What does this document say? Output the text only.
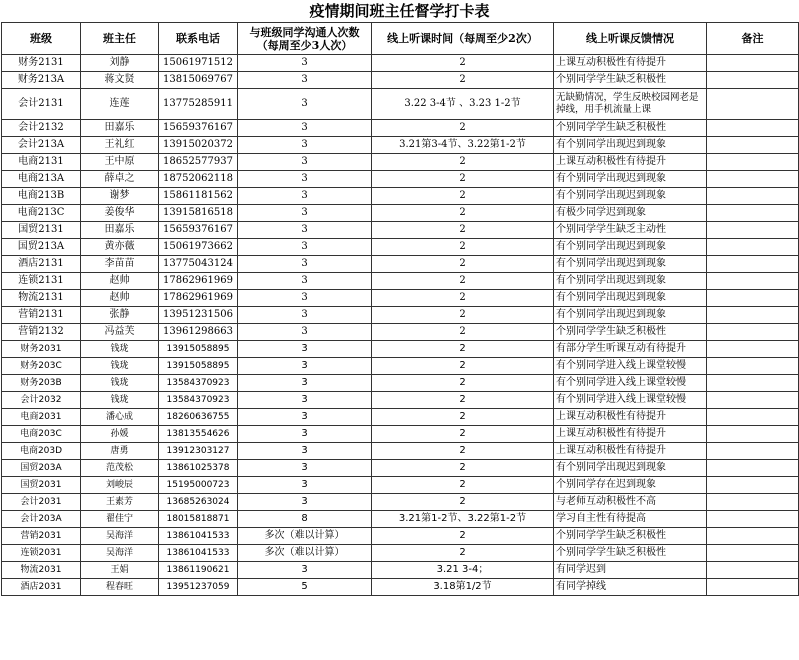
疫情期间班主任督学打卡表
班级	班主任	联系电话	与班级同学沟通人次数（每周至少3人次）	线上听课时间（每周至少2次）	线上听课反馈情况	备注
财务2131	刘静	15061971512	3	2	上课互动积极性有待提升	
财务213A	蒋文贤	13815069767	3	2	个别同学学生缺乏积极性	
会计2131	连莲	13775285911	3	3.22 3-4节 、3.23 1-2节	无缺勤情况，学生反映校园网老是掉线，用手机流量上课	
会计2132	田嘉乐	15659376167	3	2	个别同学学生缺乏积极性	
会计213A	王礼红	13915020372	3	3.21第3-4节、3.22第1-2节	有个别同学出现迟到现象	
电商2131	王中原	18652577937	3	2	上课互动积极性有待提升	
电商213A	薛卓之	18752062118	3	2	有个别同学出现迟到现象	
电商213B	谢梦	15861181562	3	2	有个别同学出现迟到现象	
电商213C	姜俊华	13915816518	3	2	有极少同学迟到现象	
国贸2131	田嘉乐	15659376167	3	2	个别同学学生缺乏主动性	
国贸213A	黄亦薇	15061973662	3	2	有个别同学出现迟到现象	
酒店2131	李苗苗	13775043124	3	2	有个别同学出现迟到现象	
连锁2131	赵帅	17862961969	3	2	有个别同学出现迟到现象	
物流2131	赵帅	17862961969	3	2	有个别同学出现迟到现象	
营销2131	张静	13951231506	3	2	有个别同学出现迟到现象	
营销2132	冯益芙	13961298663	3	2	个别同学学生缺乏积极性	
财务2031	钱珑	13915058895	3	2	有部分学生听课互动有待提升	
财务203C	钱珑	13915058895	3	2	有个别同学进入线上课堂较慢	
财务203B	钱珑	13584370923	3	2	有个别同学进入线上课堂较慢	
会计2032	钱珑	13584370923	3	2	有个别同学进入线上课堂较慢	
电商2031	潘心成	18260636755	3	2	上课互动积极性有待提升	
电商203C	孙媛	13813554626	3	2	上课互动积极性有待提升	
电商203D	唐勇	13912303127	3	2	上课互动积极性有待提升	
国贸203A	范茂松	13861025378	3	2	有个别同学出现迟到现象	
国贸2031	刘峻辰	15195000723	3	2	个别同学存在迟到现象	
会计2031	王素芳	13685263024	3	2	与老师互动积极性不高	
会计203A	翟佳宁	18015818871	8	3.21第1-2节、3.22第1-2节	学习自主性有待提高	
营销2031	吴海洋	13861041533	多次（难以计算）	2	个别同学学生缺乏积极性	
连锁2031	吴海洋	13861041533	多次（难以计算）	2	个别同学学生缺乏积极性	
物流2031	王娟	13861190621	3	3.21 3-4；	有同学迟到	
酒店2031	程春旺	13951237059	5	3.18第1/2节	有同学掉线	
